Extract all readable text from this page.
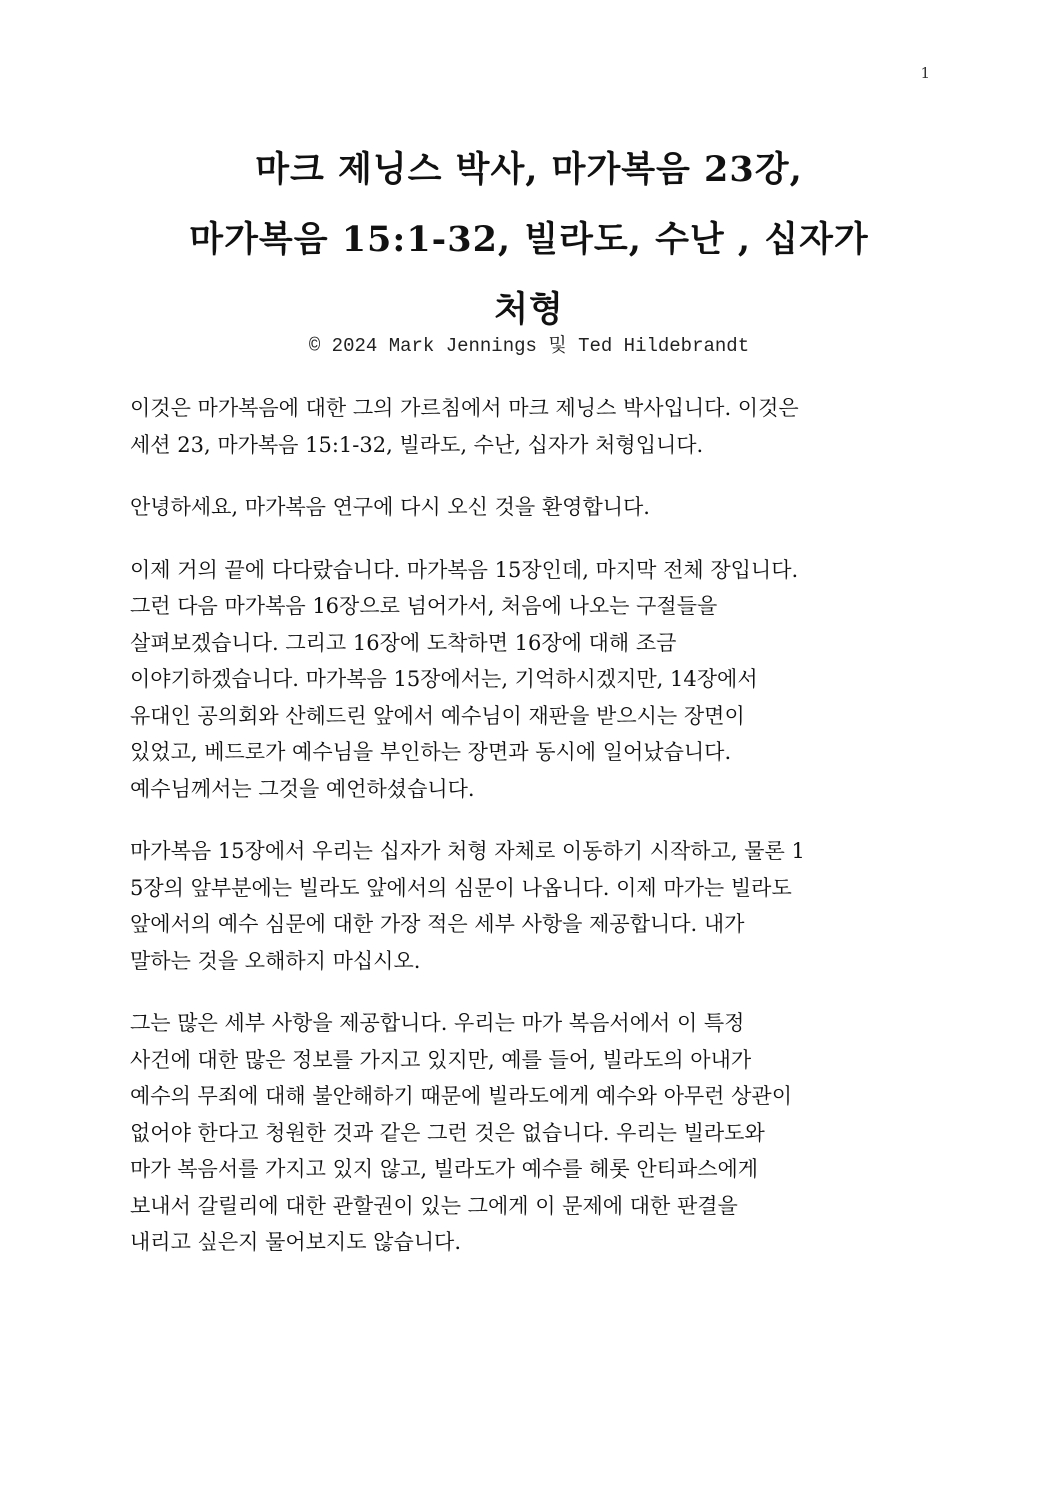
1
마크 제닝스 박사, 마가복음 23강,
마가복음 15:1-32, 빌라도, 수난 , 십자가
처형
© 2024 Mark Jennings 및 Ted Hildebrandt

이것은 마가복음에 대한 그의 가르침에서 마크 제닝스 박사입니다. 이것은
세션 23, 마가복음 15:1-32, 빌라도, 수난, 십자가 처형입니다.

안녕하세요, 마가복음 연구에 다시 오신 것을 환영합니다.

이제 거의 끝에 다다랐습니다. 마가복음 15장인데, 마지막 전체 장입니다.
그런 다음 마가복음 16장으로 넘어가서, 처음에 나오는 구절들을
살펴보겠습니다. 그리고 16장에 도착하면 16장에 대해 조금
이야기하겠습니다. 마가복음 15장에서는, 기억하시겠지만, 14장에서
유대인 공의회와 산헤드린 앞에서 예수님이 재판을 받으시는 장면이
있었고, 베드로가 예수님을 부인하는 장면과 동시에 일어났습니다.
예수님께서는 그것을 예언하셨습니다.

마가복음 15장에서 우리는 십자가 처형 자체로 이동하기 시작하고, 물론 1
5장의 앞부분에는 빌라도 앞에서의 심문이 나옵니다. 이제 마가는 빌라도
앞에서의 예수 심문에 대한 가장 적은 세부 사항을 제공합니다. 내가
말하는 것을 오해하지 마십시오.

그는 많은 세부 사항을 제공합니다. 우리는 마가 복음서에서 이 특정
사건에 대한 많은 정보를 가지고 있지만, 예를 들어, 빌라도의 아내가
예수의 무죄에 대해 불안해하기 때문에 빌라도에게 예수와 아무런 상관이
없어야 한다고 청원한 것과 같은 그런 것은 없습니다. 우리는 빌라도와
마가 복음서를 가지고 있지 않고, 빌라도가 예수를 헤롯 안티파스에게
보내서 갈릴리에 대한 관할권이 있는 그에게 이 문제에 대한 판결을
내리고 싶은지 물어보지도 않습니다.
